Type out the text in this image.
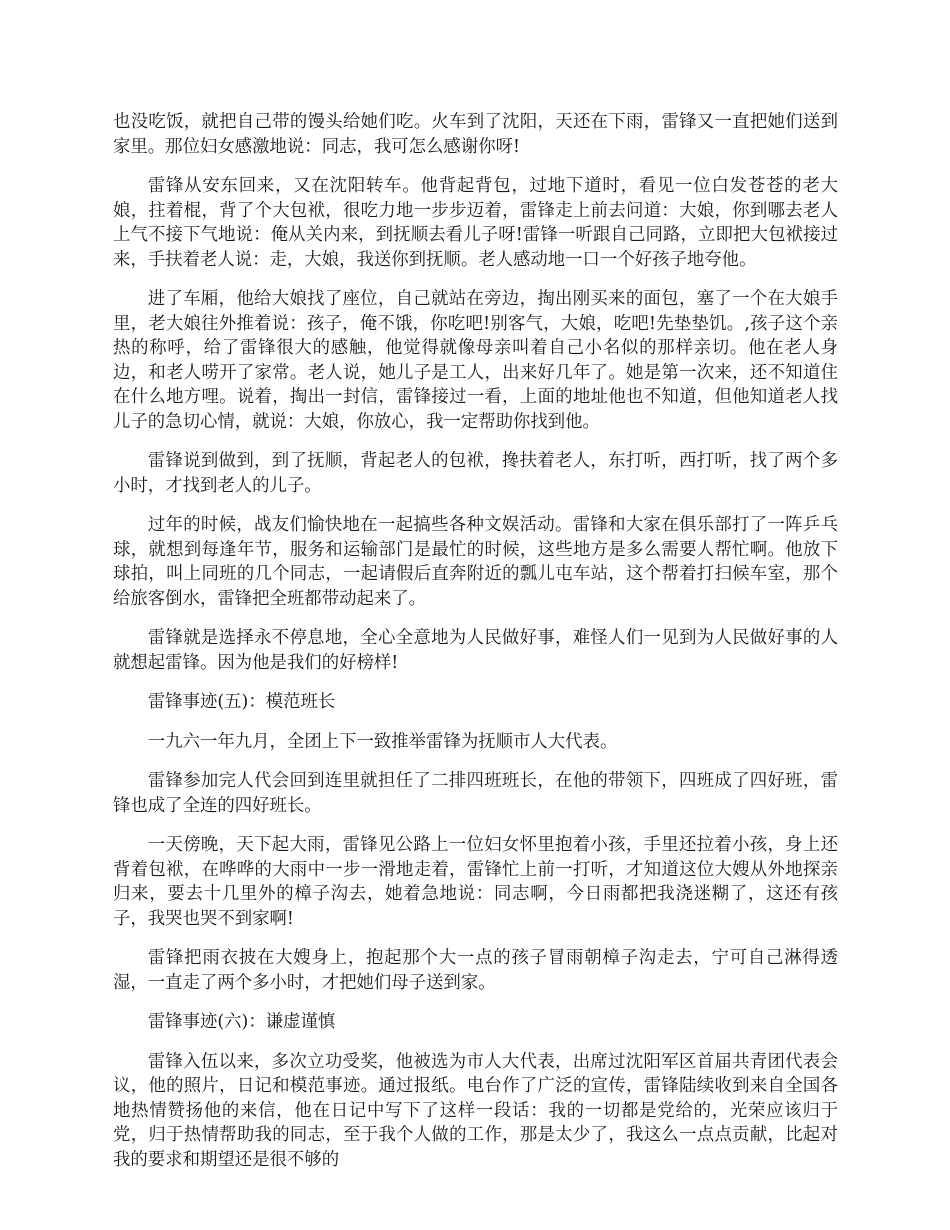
也没吃饭，就把自己带的馒头给她们吃。火车到了沈阳，天还在下雨，雷锋又一直把她们送到家里。那位妇女感激地说：同志，我可怎么感谢你呀!

雷锋从安东回来，又在沈阳转车。他背起背包，过地下道时，看见一位白发苍苍的老大娘，拄着棍，背了个大包袱，很吃力地一步步迈着，雷锋走上前去问道：大娘，你到哪去老人上气不接下气地说：俺从关内来，到抚顺去看儿子呀!雷锋一听跟自己同路，立即把大包袱接过来，手扶着老人说：走，大娘，我送你到抚顺。老人感动地一口一个好孩子地夸他。

进了车厢，他给大娘找了座位，自己就站在旁边，掏出刚买来的面包，塞了一个在大娘手里，老大娘往外推着说：孩子，俺不饿，你吃吧!别客气，大娘，吃吧!先垫垫饥。,孩子这个亲热的称呼，给了雷锋很大的感触，他觉得就像母亲叫着自己小名似的那样亲切。他在老人身边，和老人唠开了家常。老人说，她儿子是工人，出来好几年了。她是第一次来，还不知道住在什么地方哩。说着，掏出一封信，雷锋接过一看，上面的地址他也不知道，但他知道老人找儿子的急切心情，就说：大娘，你放心，我一定帮助你找到他。

雷锋说到做到，到了抚顺，背起老人的包袱，搀扶着老人，东打听，西打听，找了两个多小时，才找到老人的儿子。

过年的时候，战友们愉快地在一起搞些各种文娱活动。雷锋和大家在俱乐部打了一阵乒乓球，就想到每逢年节，服务和运输部门是最忙的时候，这些地方是多么需要人帮忙啊。他放下球拍，叫上同班的几个同志，一起请假后直奔附近的瓢儿屯车站，这个帮着打扫候车室，那个给旅客倒水，雷锋把全班都带动起来了。

雷锋就是选择永不停息地，全心全意地为人民做好事，难怪人们一见到为人民做好事的人就想起雷锋。因为他是我们的好榜样!

雷锋事迹(五)：模范班长

一九六一年九月，全团上下一致推举雷锋为抚顺市人大代表。

雷锋参加完人代会回到连里就担任了二排四班班长，在他的带领下，四班成了四好班，雷锋也成了全连的四好班长。

一天傍晚，天下起大雨，雷锋见公路上一位妇女怀里抱着小孩，手里还拉着小孩，身上还背着包袱，在哗哗的大雨中一步一滑地走着，雷锋忙上前一打听，才知道这位大嫂从外地探亲归来，要去十几里外的樟子沟去，她着急地说：同志啊，今日雨都把我浇迷糊了，这还有孩子，我哭也哭不到家啊!

雷锋把雨衣披在大嫂身上，抱起那个大一点的孩子冒雨朝樟子沟走去，宁可自己淋得透湿，一直走了两个多小时，才把她们母子送到家。

雷锋事迹(六)：谦虚谨慎

雷锋入伍以来，多次立功受奖，他被选为市人大代表，出席过沈阳军区首届共青团代表会议，他的照片，日记和模范事迹。通过报纸。电台作了广泛的宣传，雷锋陆续收到来自全国各地热情赞扬他的来信，他在日记中写下了这样一段话：我的一切都是党给的，光荣应该归于党，归于热情帮助我的同志，至于我个人做的工作，那是太少了，我这么一点点贡献，比起对我的要求和期望还是很不够的
